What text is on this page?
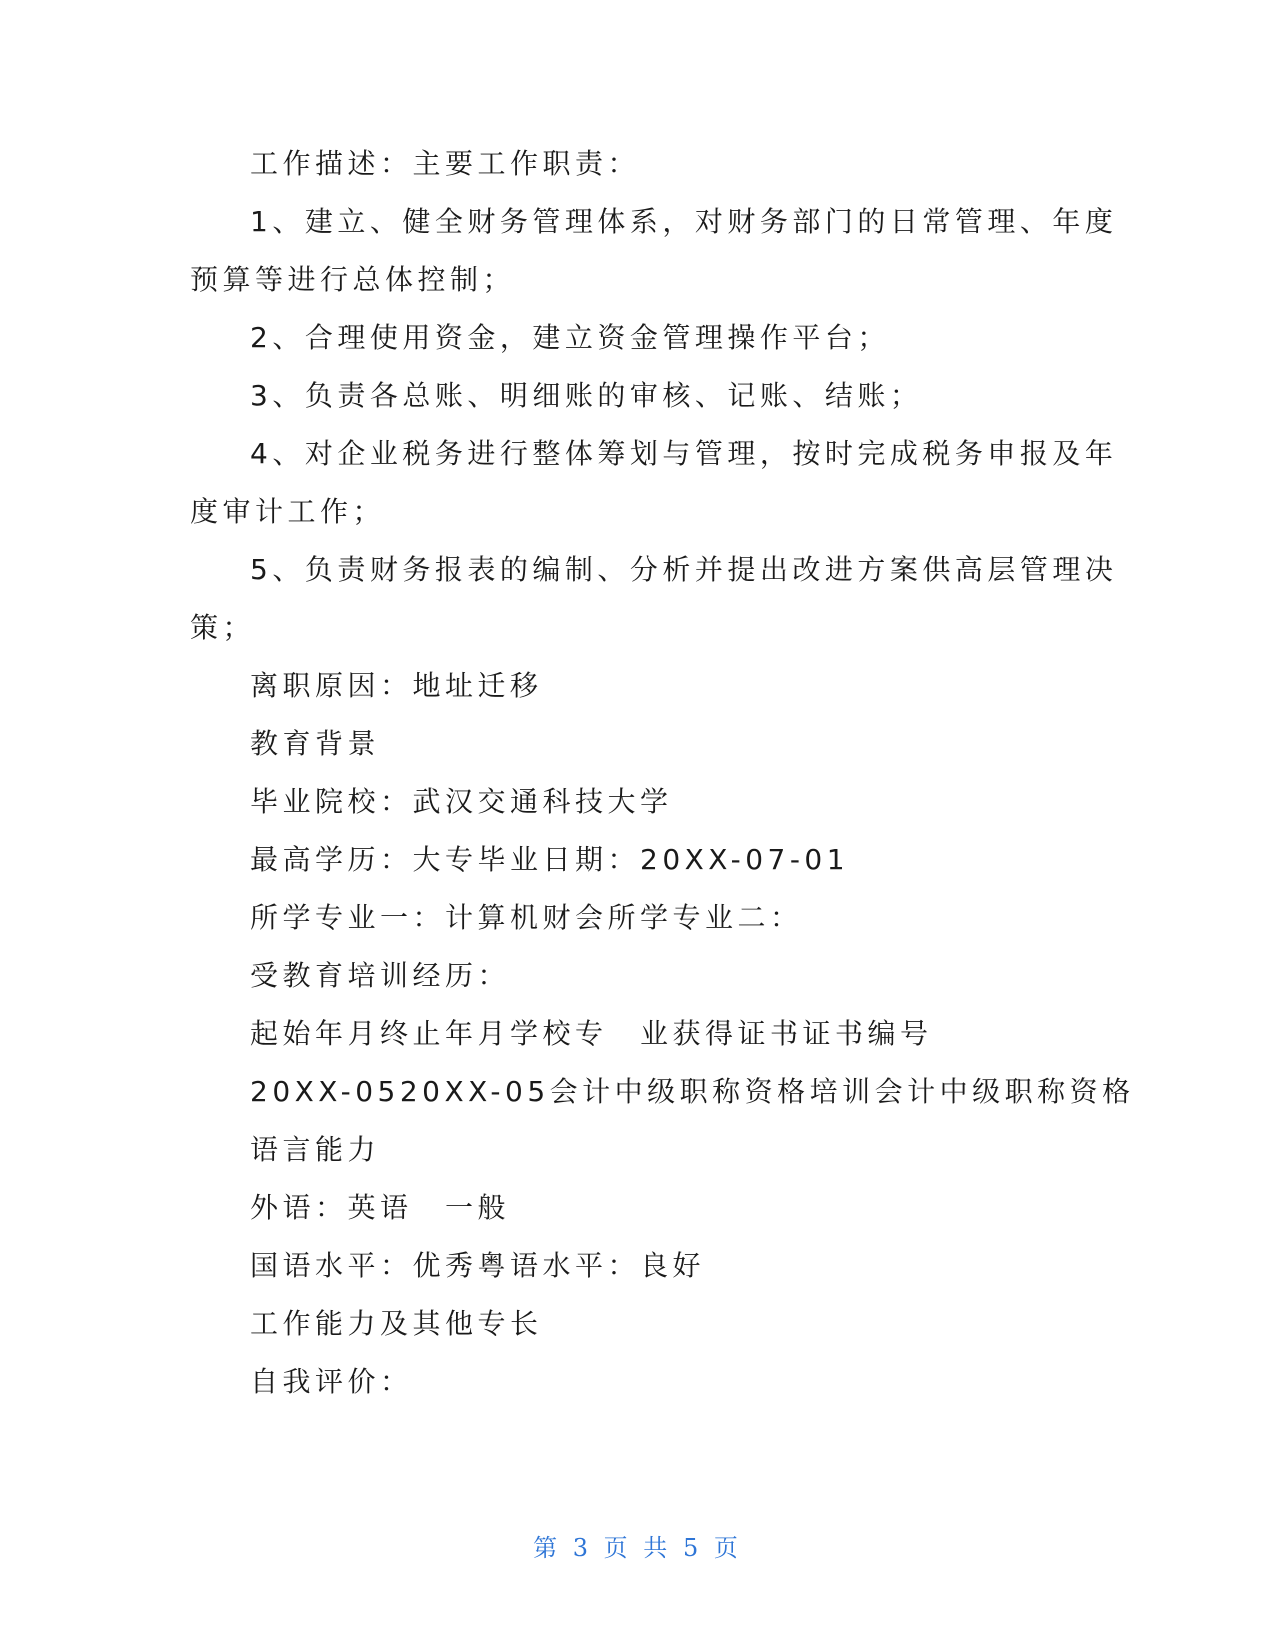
工作描述：主要工作职责：

1、建立、健全财务管理体系，对财务部门的日常管理、年度

预算等进行总体控制；

2、合理使用资金，建立资金管理操作平台；

3、负责各总账、明细账的审核、记账、结账；

4、对企业税务进行整体筹划与管理，按时完成税务申报及年

度审计工作；

5、负责财务报表的编制、分析并提出改进方案供高层管理决

策；

离职原因：地址迁移

教育背景

毕业院校：武汉交通科技大学

最高学历：大专毕业日期：20XX-07-01

所学专业一：计算机财会所学专业二：

受教育培训经历：

起始年月终止年月学校专　业获得证书证书编号

20XX-0520XX-05会计中级职称资格培训会计中级职称资格

语言能力

外语：英语　一般

国语水平：优秀粤语水平：良好

工作能力及其他专长

自我评价：

第 3 页 共 5 页
